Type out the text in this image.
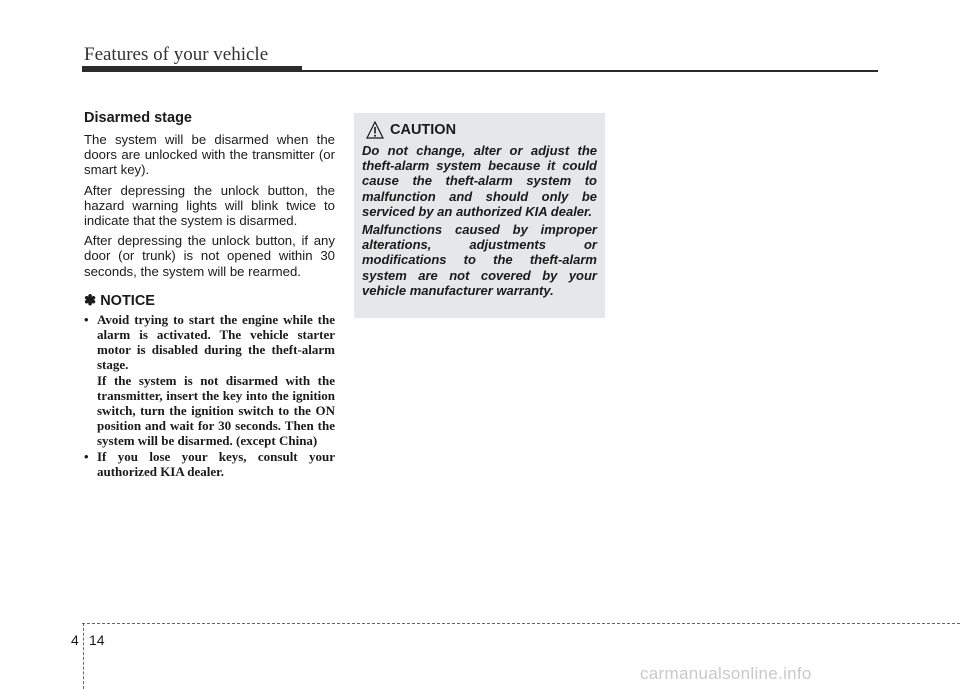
Features of your vehicle
Disarmed stage

The system will be disarmed when the doors are unlocked with the transmitter (or smart key).

After depressing the unlock button, the hazard warning lights will blink twice to indicate that the system is disarmed.

After depressing the unlock button, if any door (or trunk) is not opened within 30 seconds, the system will be rearmed.

✽ NOTICE
• Avoid trying to start the engine while the alarm is activated. The vehicle starter motor is disabled during the theft-alarm stage.
If the system is not disarmed with the transmitter, insert the key into the ignition switch, turn the ignition switch to the ON position and wait for 30 seconds. Then the system will be disarmed. (except China)
• If you lose your keys, consult your authorized KIA dealer.
CAUTION

Do not change, alter or adjust the theft-alarm system because it could cause the theft-alarm system to malfunction and should only be serviced by an authorized KIA dealer.

Malfunctions caused by improper alterations, adjustments or modifications to the theft-alarm system are not covered by your vehicle manufacturer warranty.

4 14
carmanualsonline.info
